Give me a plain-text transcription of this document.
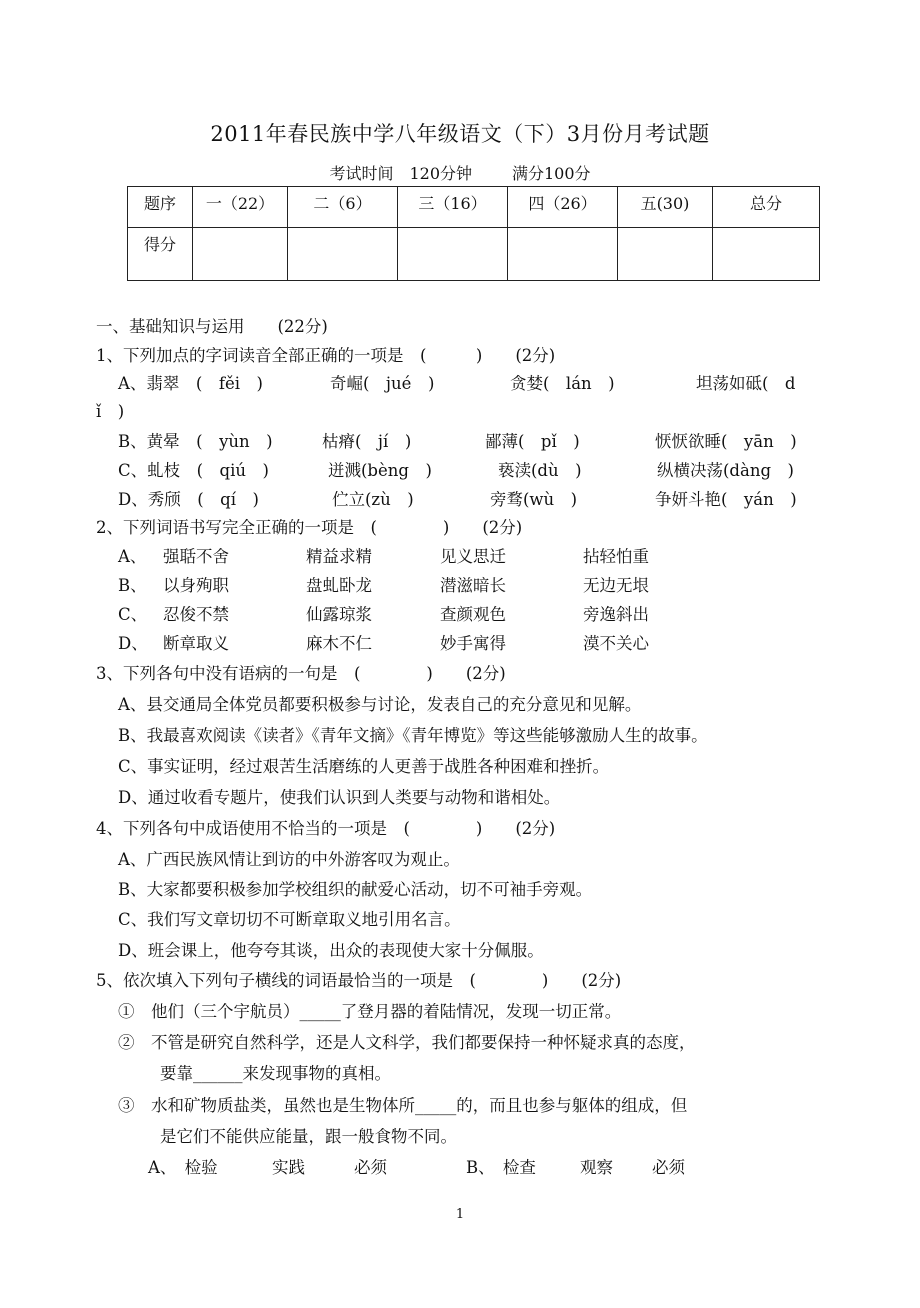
2011年春民族中学八年级语文（下）3月份月考试题
考试时间　120分钟	满分100分
题序	一（22）	二（6）	三（16）	四（26）	五(30)	总分
得分						
一、基础知识与运用　　(22分)
1、下列加点的字词读音全部正确的一项是　(　　　)　　(2分)
A、翡翠　(　fěi　)	奇崛(　jué　)	贪婪(　lán　)	坦荡如砥(　d
ǐ　)
B、黄晕　(　yùn　)	枯瘠(　jí　)	鄙薄(　pǐ　)	恹恹欲睡(　yān　)
C、虬枝　(　qiú　)	迸溅(bèng　)	亵渎(dù　)	纵横决荡(dàng　)
D、秀颀　(　qí　)	伫立(zù　)	旁骛(wù　)	争妍斗艳(　yán　)
2、下列词语书写完全正确的一项是　(　　　　)　　(2分)
A、 强聒不舍	精益求精	见义思迁	拈轻怕重
B、 以身殉职	盘虬卧龙	潜滋暗长	无边无垠
C、 忍俊不禁	仙露琼浆	查颜观色	旁逸斜出
D、 断章取义	麻木不仁	妙手寓得	漠不关心
3、下列各句中没有语病的一句是　(　　　　)　　(2分)
A、县交通局全体党员都要积极参与讨论，发表自己的充分意见和见解。
B、我最喜欢阅读《读者》《青年文摘》《青年博览》等这些能够激励人生的故事。
C、事实证明，经过艰苦生活磨练的人更善于战胜各种困难和挫折。
D、通过收看专题片，使我们认识到人类要与动物和谐相处。
4、下列各句中成语使用不恰当的一项是　(　　　　)　　(2分)
A、广西民族风情让到访的中外游客叹为观止。
B、大家都要积极参加学校组织的献爱心活动，切不可袖手旁观。
C、我们写文章切切不可断章取义地引用名言。
D、班会课上，他夸夸其谈，出众的表现使大家十分佩服。
5、依次填入下列句子横线的词语最恰当的一项是　(　　　　)　　(2分)
①　他们（三个宇航员）_____了登月器的着陆情况，发现一切正常。
②　不管是研究自然科学，还是人文科学，我们都要保持一种怀疑求真的态度，
要靠______来发现事物的真相。
③　水和矿物质盐类，虽然也是生物体所_____的，而且也参与躯体的组成，但
是它们不能供应能量，跟一般食物不同。
A、　检验	实践	必须	B、　检查	观察 必须
1
